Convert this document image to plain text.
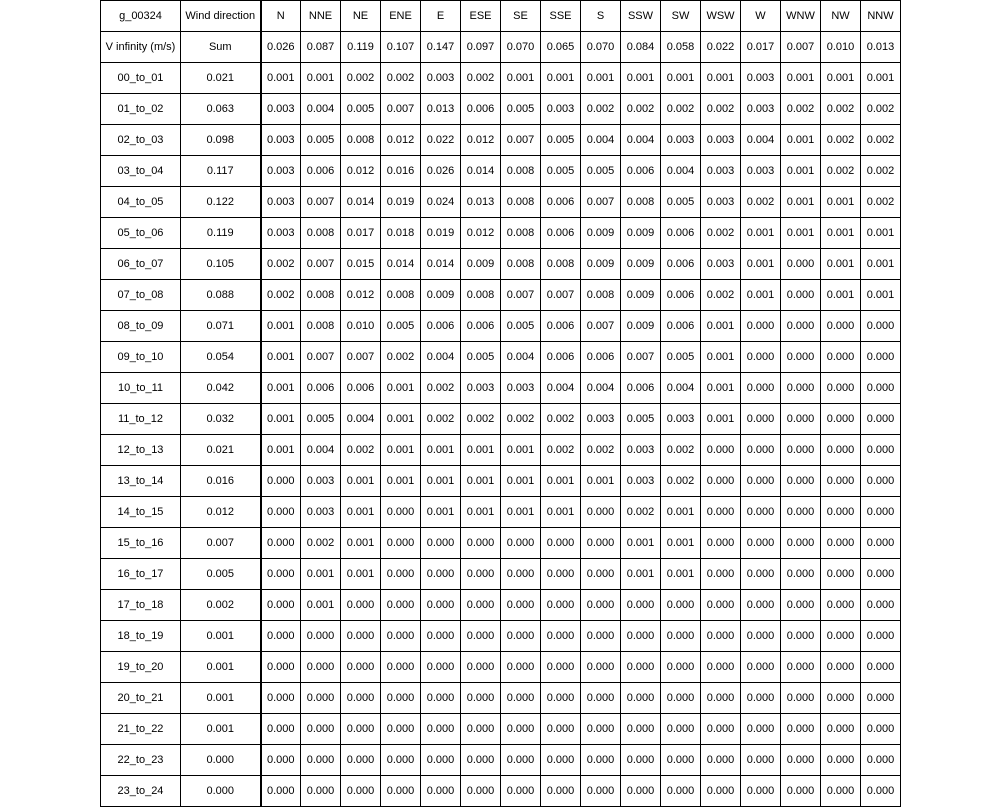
g_00324	Wind direction	N	NNE	NE	ENE	E	ESE	SE	SSE	S	SSW	SW	WSW	W	WNW	NW	NNW
V infinity (m/s)	Sum	0.026	0.087	0.119	0.107	0.147	0.097	0.070	0.065	0.070	0.084	0.058	0.022	0.017	0.007	0.010	0.013
00_to_01	0.021	0.001	0.001	0.002	0.002	0.003	0.002	0.001	0.001	0.001	0.001	0.001	0.001	0.003	0.001	0.001	0.001
01_to_02	0.063	0.003	0.004	0.005	0.007	0.013	0.006	0.005	0.003	0.002	0.002	0.002	0.002	0.003	0.002	0.002	0.002
02_to_03	0.098	0.003	0.005	0.008	0.012	0.022	0.012	0.007	0.005	0.004	0.004	0.003	0.003	0.004	0.001	0.002	0.002
03_to_04	0.117	0.003	0.006	0.012	0.016	0.026	0.014	0.008	0.005	0.005	0.006	0.004	0.003	0.003	0.001	0.002	0.002
04_to_05	0.122	0.003	0.007	0.014	0.019	0.024	0.013	0.008	0.006	0.007	0.008	0.005	0.003	0.002	0.001	0.001	0.002
05_to_06	0.119	0.003	0.008	0.017	0.018	0.019	0.012	0.008	0.006	0.009	0.009	0.006	0.002	0.001	0.001	0.001	0.001
06_to_07	0.105	0.002	0.007	0.015	0.014	0.014	0.009	0.008	0.008	0.009	0.009	0.006	0.003	0.001	0.000	0.001	0.001
07_to_08	0.088	0.002	0.008	0.012	0.008	0.009	0.008	0.007	0.007	0.008	0.009	0.006	0.002	0.001	0.000	0.001	0.001
08_to_09	0.071	0.001	0.008	0.010	0.005	0.006	0.006	0.005	0.006	0.007	0.009	0.006	0.001	0.000	0.000	0.000	0.000
09_to_10	0.054	0.001	0.007	0.007	0.002	0.004	0.005	0.004	0.006	0.006	0.007	0.005	0.001	0.000	0.000	0.000	0.000
10_to_11	0.042	0.001	0.006	0.006	0.001	0.002	0.003	0.003	0.004	0.004	0.006	0.004	0.001	0.000	0.000	0.000	0.000
11_to_12	0.032	0.001	0.005	0.004	0.001	0.002	0.002	0.002	0.002	0.003	0.005	0.003	0.001	0.000	0.000	0.000	0.000
12_to_13	0.021	0.001	0.004	0.002	0.001	0.001	0.001	0.001	0.002	0.002	0.003	0.002	0.000	0.000	0.000	0.000	0.000
13_to_14	0.016	0.000	0.003	0.001	0.001	0.001	0.001	0.001	0.001	0.001	0.003	0.002	0.000	0.000	0.000	0.000	0.000
14_to_15	0.012	0.000	0.003	0.001	0.000	0.001	0.001	0.001	0.001	0.000	0.002	0.001	0.000	0.000	0.000	0.000	0.000
15_to_16	0.007	0.000	0.002	0.001	0.000	0.000	0.000	0.000	0.000	0.000	0.001	0.001	0.000	0.000	0.000	0.000	0.000
16_to_17	0.005	0.000	0.001	0.001	0.000	0.000	0.000	0.000	0.000	0.000	0.001	0.001	0.000	0.000	0.000	0.000	0.000
17_to_18	0.002	0.000	0.001	0.000	0.000	0.000	0.000	0.000	0.000	0.000	0.000	0.000	0.000	0.000	0.000	0.000	0.000
18_to_19	0.001	0.000	0.000	0.000	0.000	0.000	0.000	0.000	0.000	0.000	0.000	0.000	0.000	0.000	0.000	0.000	0.000
19_to_20	0.001	0.000	0.000	0.000	0.000	0.000	0.000	0.000	0.000	0.000	0.000	0.000	0.000	0.000	0.000	0.000	0.000
20_to_21	0.001	0.000	0.000	0.000	0.000	0.000	0.000	0.000	0.000	0.000	0.000	0.000	0.000	0.000	0.000	0.000	0.000
21_to_22	0.001	0.000	0.000	0.000	0.000	0.000	0.000	0.000	0.000	0.000	0.000	0.000	0.000	0.000	0.000	0.000	0.000
22_to_23	0.000	0.000	0.000	0.000	0.000	0.000	0.000	0.000	0.000	0.000	0.000	0.000	0.000	0.000	0.000	0.000	0.000
23_to_24	0.000	0.000	0.000	0.000	0.000	0.000	0.000	0.000	0.000	0.000	0.000	0.000	0.000	0.000	0.000	0.000	0.000
